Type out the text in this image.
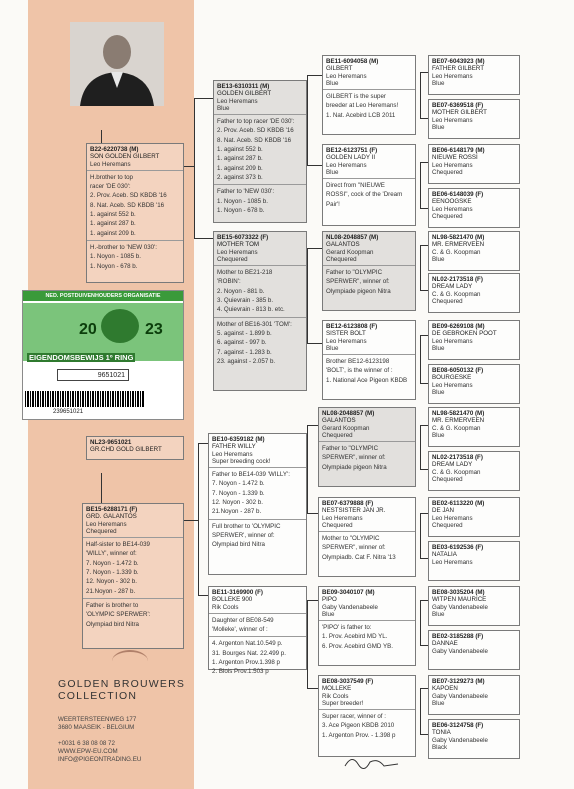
B22-6220738 (M)
SON GOLDEN GILBERT
Leo Heremans
H.brother to top
racer 'DE 030':
2. Prov. Aceb. SD KBDB '16
8. Nat. Aceb. SD KBDB '16
1. against 552 b.
1. against 287 b.
1. against 209 b.
H.-brother to 'NEW 030':
1. Noyon - 1085 b.
1. Noyon - 678 b.
NED. POSTDUIVENHOUDERS ORGANISATIE
20	23
EIGENDOMSBEWIJS 1º RING
9651021
239651021
NL23-9651021
GR.CHD GOLD GILBERT
BE15-6288171 (F)
GRD. GALANTOS
Leo Heremans
Chequered
Half-sister to BE14-039
'WILLY', winner of:
7. Noyon - 1.472 b.
7. Noyon - 1.339 b.
12. Noyon - 302 b.
21.Noyon - 287 b.
Father is brother to
'OLYMPIC SPERWER':
Olympiad bird Nitra
BE13-6310311 (M)
GOLDEN GILBERT
Leo Heremans
Blue
Father to top racer 'DE 030':
2. Prov. Aceb. SD KBDB '16
8. Nat. Aceb. SD KBDB '16
1. against 552 b.
1. against 287 b.
1. against 209 b.
2. against 373 b.
Father to 'NEW 030':
1. Noyon - 1085 b.
1. Noyon - 678 b.
BE15-6073322 (F)
MOTHER TOM
Leo Heremans
Chequered
Mother to BE21-218
'ROBIN':
2. Noyon - 881 b.
3. Quievrain - 385 b.
4. Quievrain - 813 b. etc.
Mother of BE16-301 'TOM':
5. against - 1.899 b.
6. against - 997 b.
7. against - 1.283 b.
23. against - 2.057 b.
BE10-6359182 (M)
FATHER WILLY
Leo Heremans
Super breeding cock!
Father to BE14-039 'WILLY':
7. Noyon - 1.472 b.
7. Noyon - 1.339 b.
12. Noyon - 302 b.
21.Noyon - 287 b.
Full brother to 'OLYMPIC
SPERWER', winner of:
Olympiad bird Nitra
BE11-3169900 (F)
BOLLEKE 900
Rik Cools
Daughter of BE08-549
'Molleke', winner of :
4. Argenton Nat.10.549 p.
31. Bourges Nat. 22.499 p.
1. Argenton Prov.1.398 p
2. Blois Prov.1.503 p
BE11-6094058 (M)
GILBERT
Leo Heremans
Blue
GILBERT is the super
breeder at Leo Heremans!
1. Nat. Acebird LCB 2011
BE12-6123751 (F)
GOLDEN LADY II
Leo Heremans
Blue
Direct from "NIEUWE
ROSSI", cock of the 'Dream
Pair'!
NL08-2048857 (M)
GALANTOS
Gerard Koopman
Chequered
Father to "OLYMPIC
SPERWER", winner of:
Olympiade pigeon Nitra
BE12-6123808 (F)
SISTER BOLT
Leo Heremans
Blue
Brother BE12-6123198
'BOLT', is the winner of :
1. National Ace Pigeon KBDB
NL08-2048857 (M)
GALANTOS
Gerard Koopman
Chequered
Father to "OLYMPIC
SPERWER", winner of:
Olympiade pigeon Nitra
BE07-6379888 (F)
NESTSISTER JAN JR.
Leo Heremans
Chequered
Mother to "OLYMPIC
SPERWER", winner of:
Olympiadb. Cat F. Nitra '13
BE09-3040107 (M)
PIPO
Gaby Vandenabeele
Blue
'PIPO' is father to:
1. Prov. Acebird MD YL.
6. Prov. Acebird GMD YB.
BE08-3037549 (F)
MOLLEKE
Rik Cools
Super breeder!
Super racer, winner of :
3. Ace Pigeon KBDB 2010
1. Argenton Prov. - 1.398 p
BE07-6043923 (M)
FATHER GILBERT
Leo Heremans
Blue
BE07-6369518 (F)
MOTHER GILBERT
Leo Heremans
Blue
BE06-6148179 (M)
NIEUWE ROSSI
Leo Heremans
Chequered
BE06-6148039 (F)
EENOOGSKE
Leo Heremans
Chequered
NL98-5821470 (M)
MR. ERMERVEEN
C. & G. Koopman
Blue
NL02-2173518 (F)
DREAM LADY
C. & G. Koopman
Chequered
BE09-6269108 (M)
DE GEBROKEN POOT
Leo Heremans
Blue
BE08-6050132 (F)
BOURGESKE
Leo Heremans
Blue
NL98-5821470 (M)
MR. ERMERVEEN
C. & G. Koopman
Blue
NL02-2173518 (F)
DREAM LADY
C. & G. Koopman
Chequered
BE02-6113220 (M)
DE JAN
Leo Heremans
Chequered
BE03-6192536 (F)
NATALIA
Leo Heremans
BE08-3035204 (M)
WITPEN MAURICE
Gaby Vandenabeele
Blue
BE02-3185288 (F)
DANNAE
Gaby Vandenabeele
BE07-3129273 (M)
KAPOEN
Gaby Vandenabeele
Blue
BE06-3124758 (F)
TONIA
Gaby Vandenabeele
Black
GOLDEN BROUWERS
COLLECTION
WEERTERSTEENWEG 177
3680 MAASEIK - BELGIUM
+0031 6 38 08 08 72
WWW.EPW-EU.COM
INFO@PIGEONTRADING.EU
